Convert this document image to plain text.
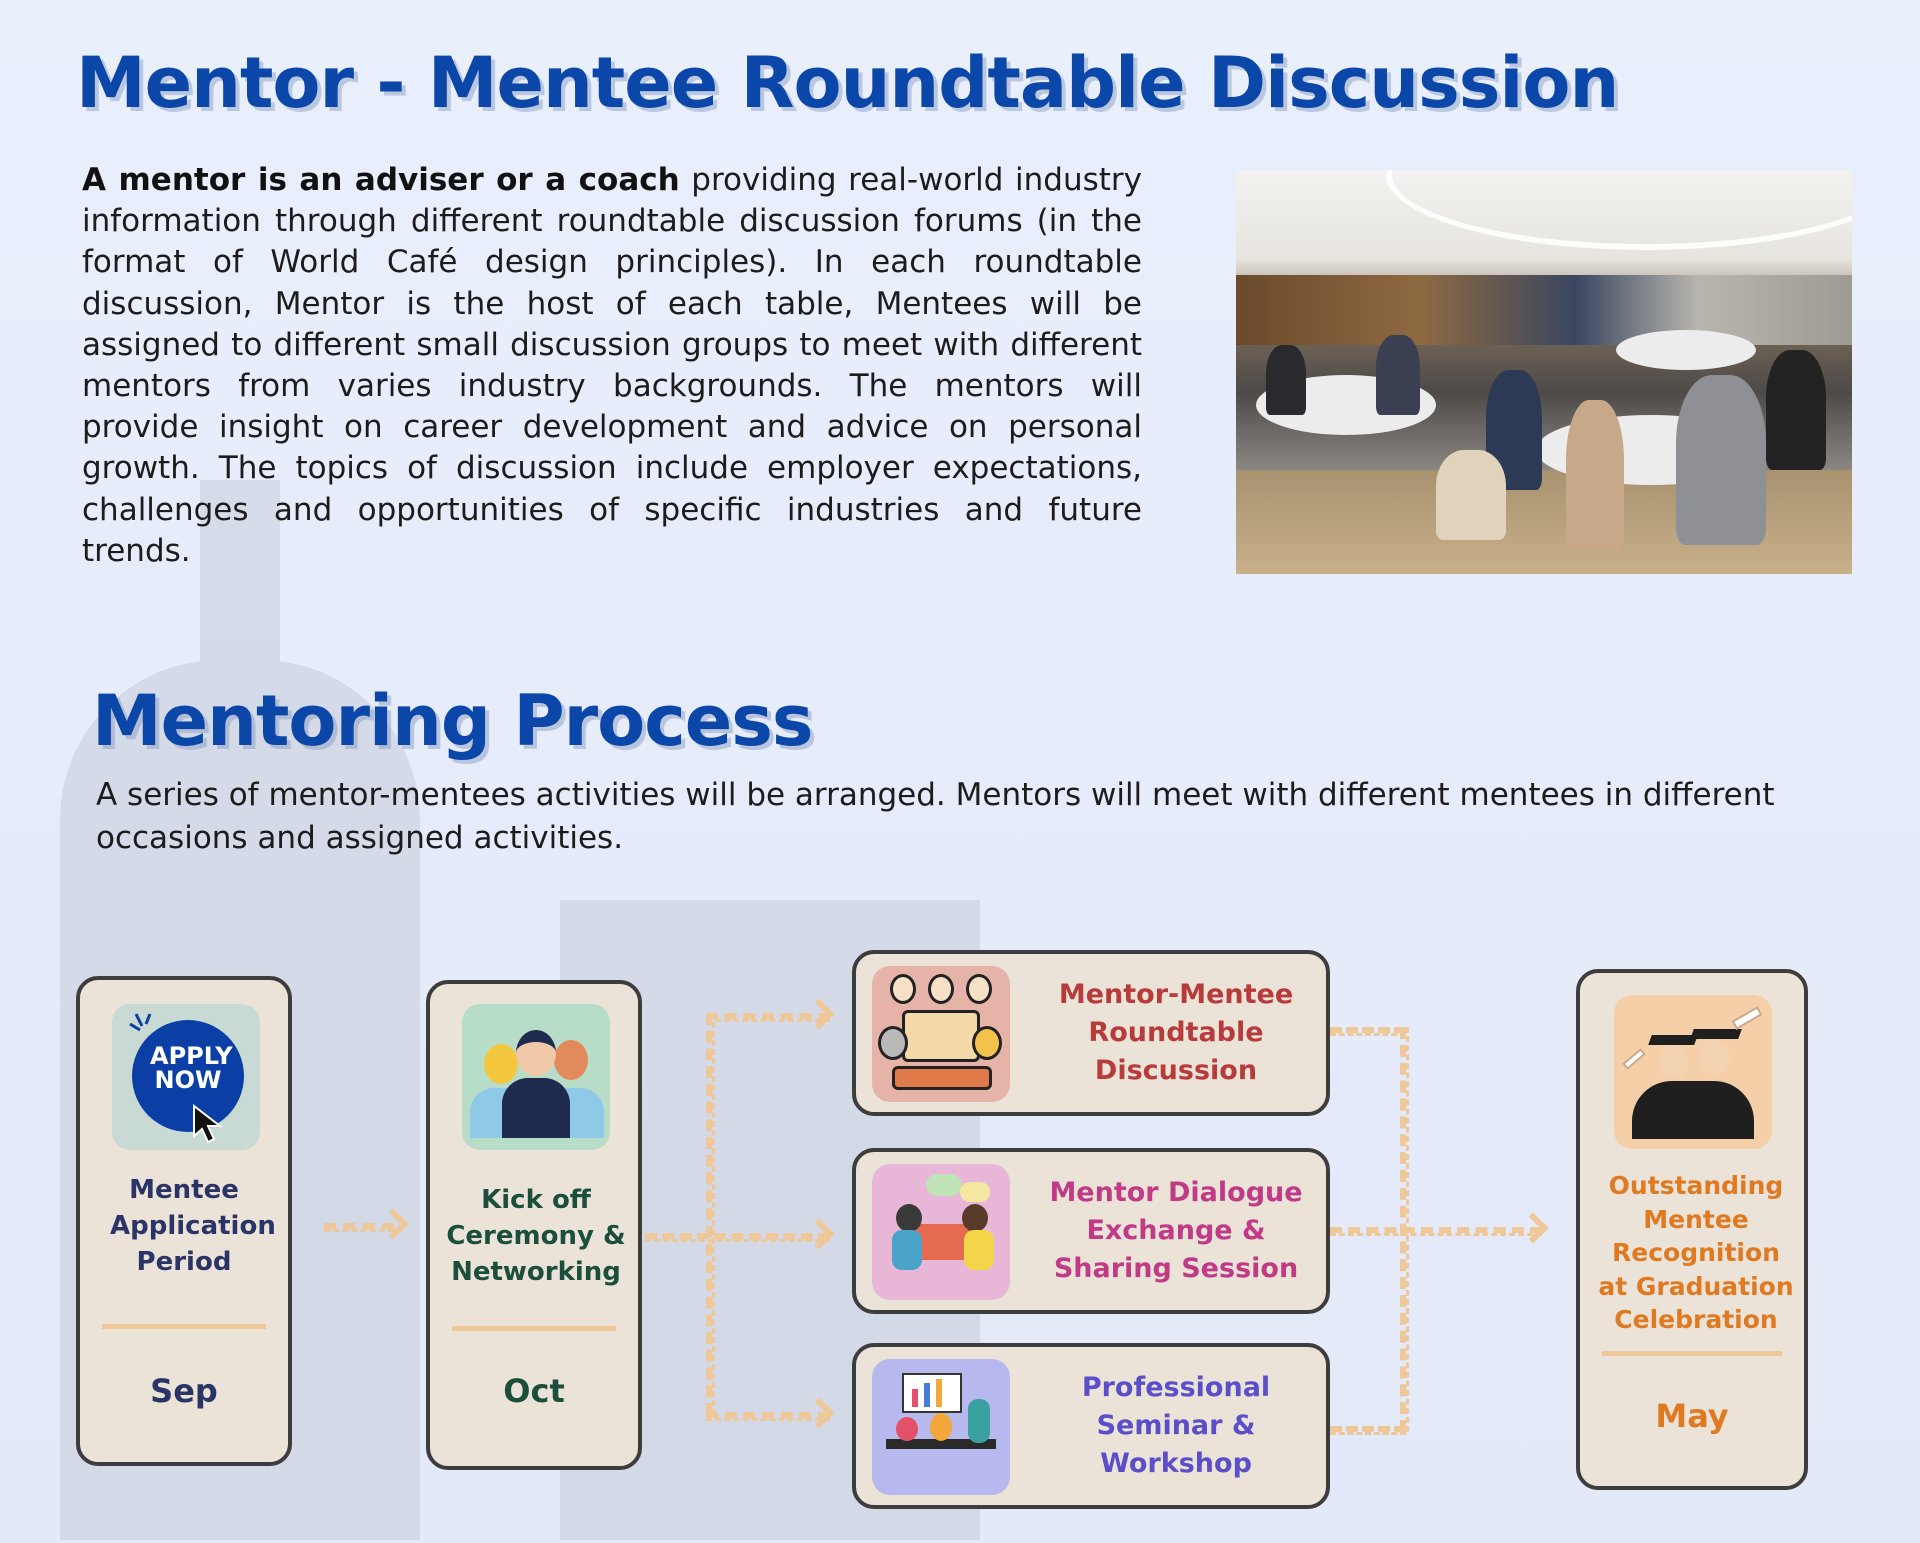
Mentor - Mentee Roundtable Discussion

A mentor is an adviser or a coach providing real-world industry information through different roundtable discussion forums (in the format of World Café design principles). In each roundtable discussion, Mentor is the host of each table, Mentees will be assigned to different small discussion groups to meet with different mentors from varies industry backgrounds. The mentors will provide insight on career development and advice on personal growth. The topics of discussion include employer expectations, challenges and opportunities of specific industries and future trends.

Mentoring Process

A series of mentor-mentees activities will be arranged. Mentors will meet with different mentees in different occasions and assigned activities.

APPLY NOW
Mentee Application Period
Sep
Kick off Ceremony & Networking
Oct
Mentor-Mentee Roundtable Discussion
Mentor Dialogue Exchange & Sharing Session
Professional Seminar & Workshop
Outstanding Mentee Recognition at Graduation Celebration
May
